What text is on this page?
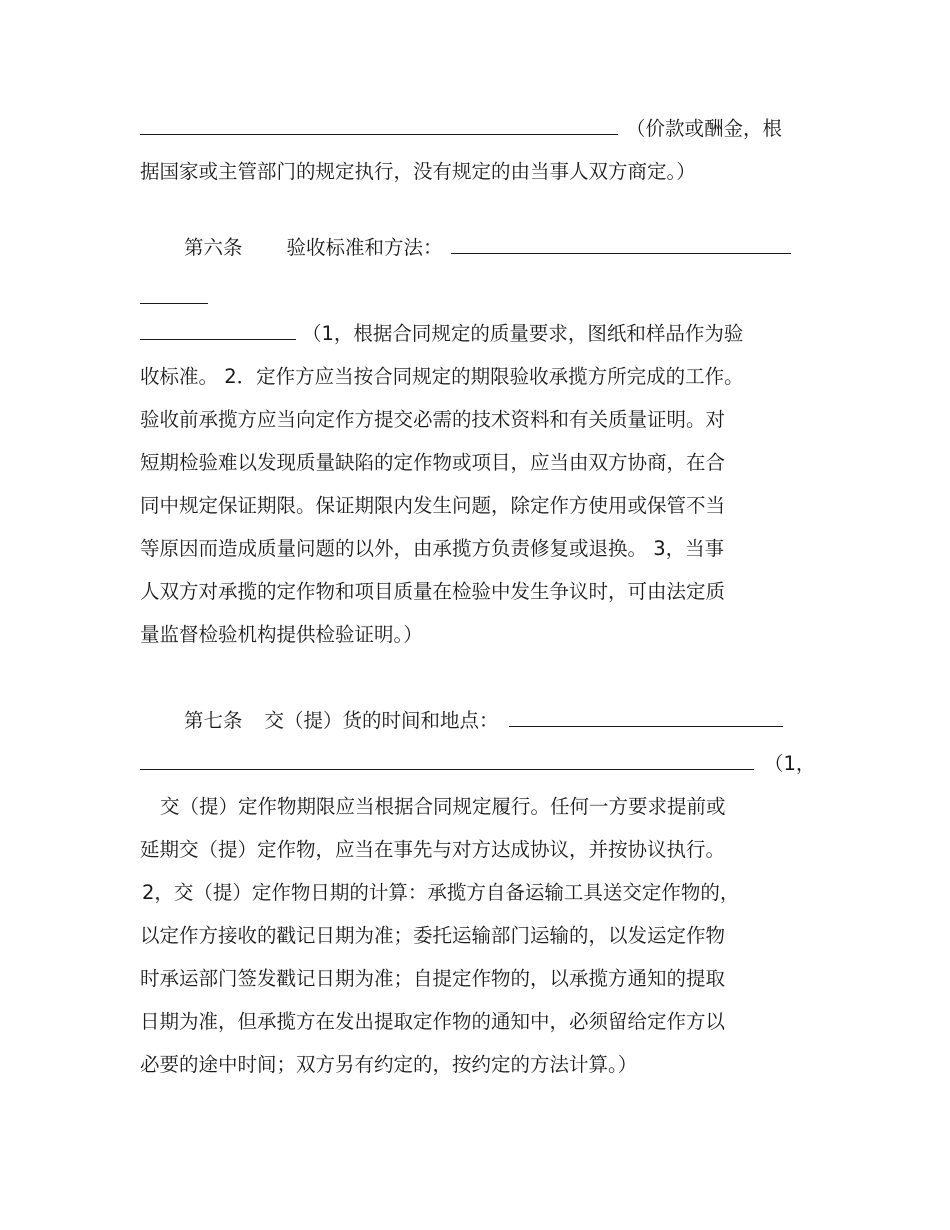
（价款或酬金，根
据国家或主管部门的规定执行，没有规定的由当事人双方商定。）
第六条 验收标准和方法：
（1，根据合同规定的质量要求，图纸和样品作为验
收标准。 2．定作方应当按合同规定的期限验收承揽方所完成的工作。
验收前承揽方应当向定作方提交必需的技术资料和有关质量证明。对
短期检验难以发现质量缺陷的定作物或项目，应当由双方协商，在合
同中规定保证期限。保证期限内发生问题，除定作方使用或保管不当
等原因而造成质量问题的以外，由承揽方负责修复或退换。 3，当事
人双方对承揽的定作物和项目质量在检验中发生争议时，可由法定质
量监督检验机构提供检验证明。）
第七条 交（提）货的时间和地点：
（1，
交（提）定作物期限应当根据合同规定履行。任何一方要求提前或
延期交（提）定作物，应当在事先与对方达成协议，并按协议执行。
2，交（提）定作物日期的计算：承揽方自备运输工具送交定作物的，
以定作方接收的戳记日期为准；委托运输部门运输的，以发运定作物
时承运部门签发戳记日期为准；自提定作物的，以承揽方通知的提取
日期为准，但承揽方在发出提取定作物的通知中，必须留给定作方以
必要的途中时间；双方另有约定的，按约定的方法计算。）
